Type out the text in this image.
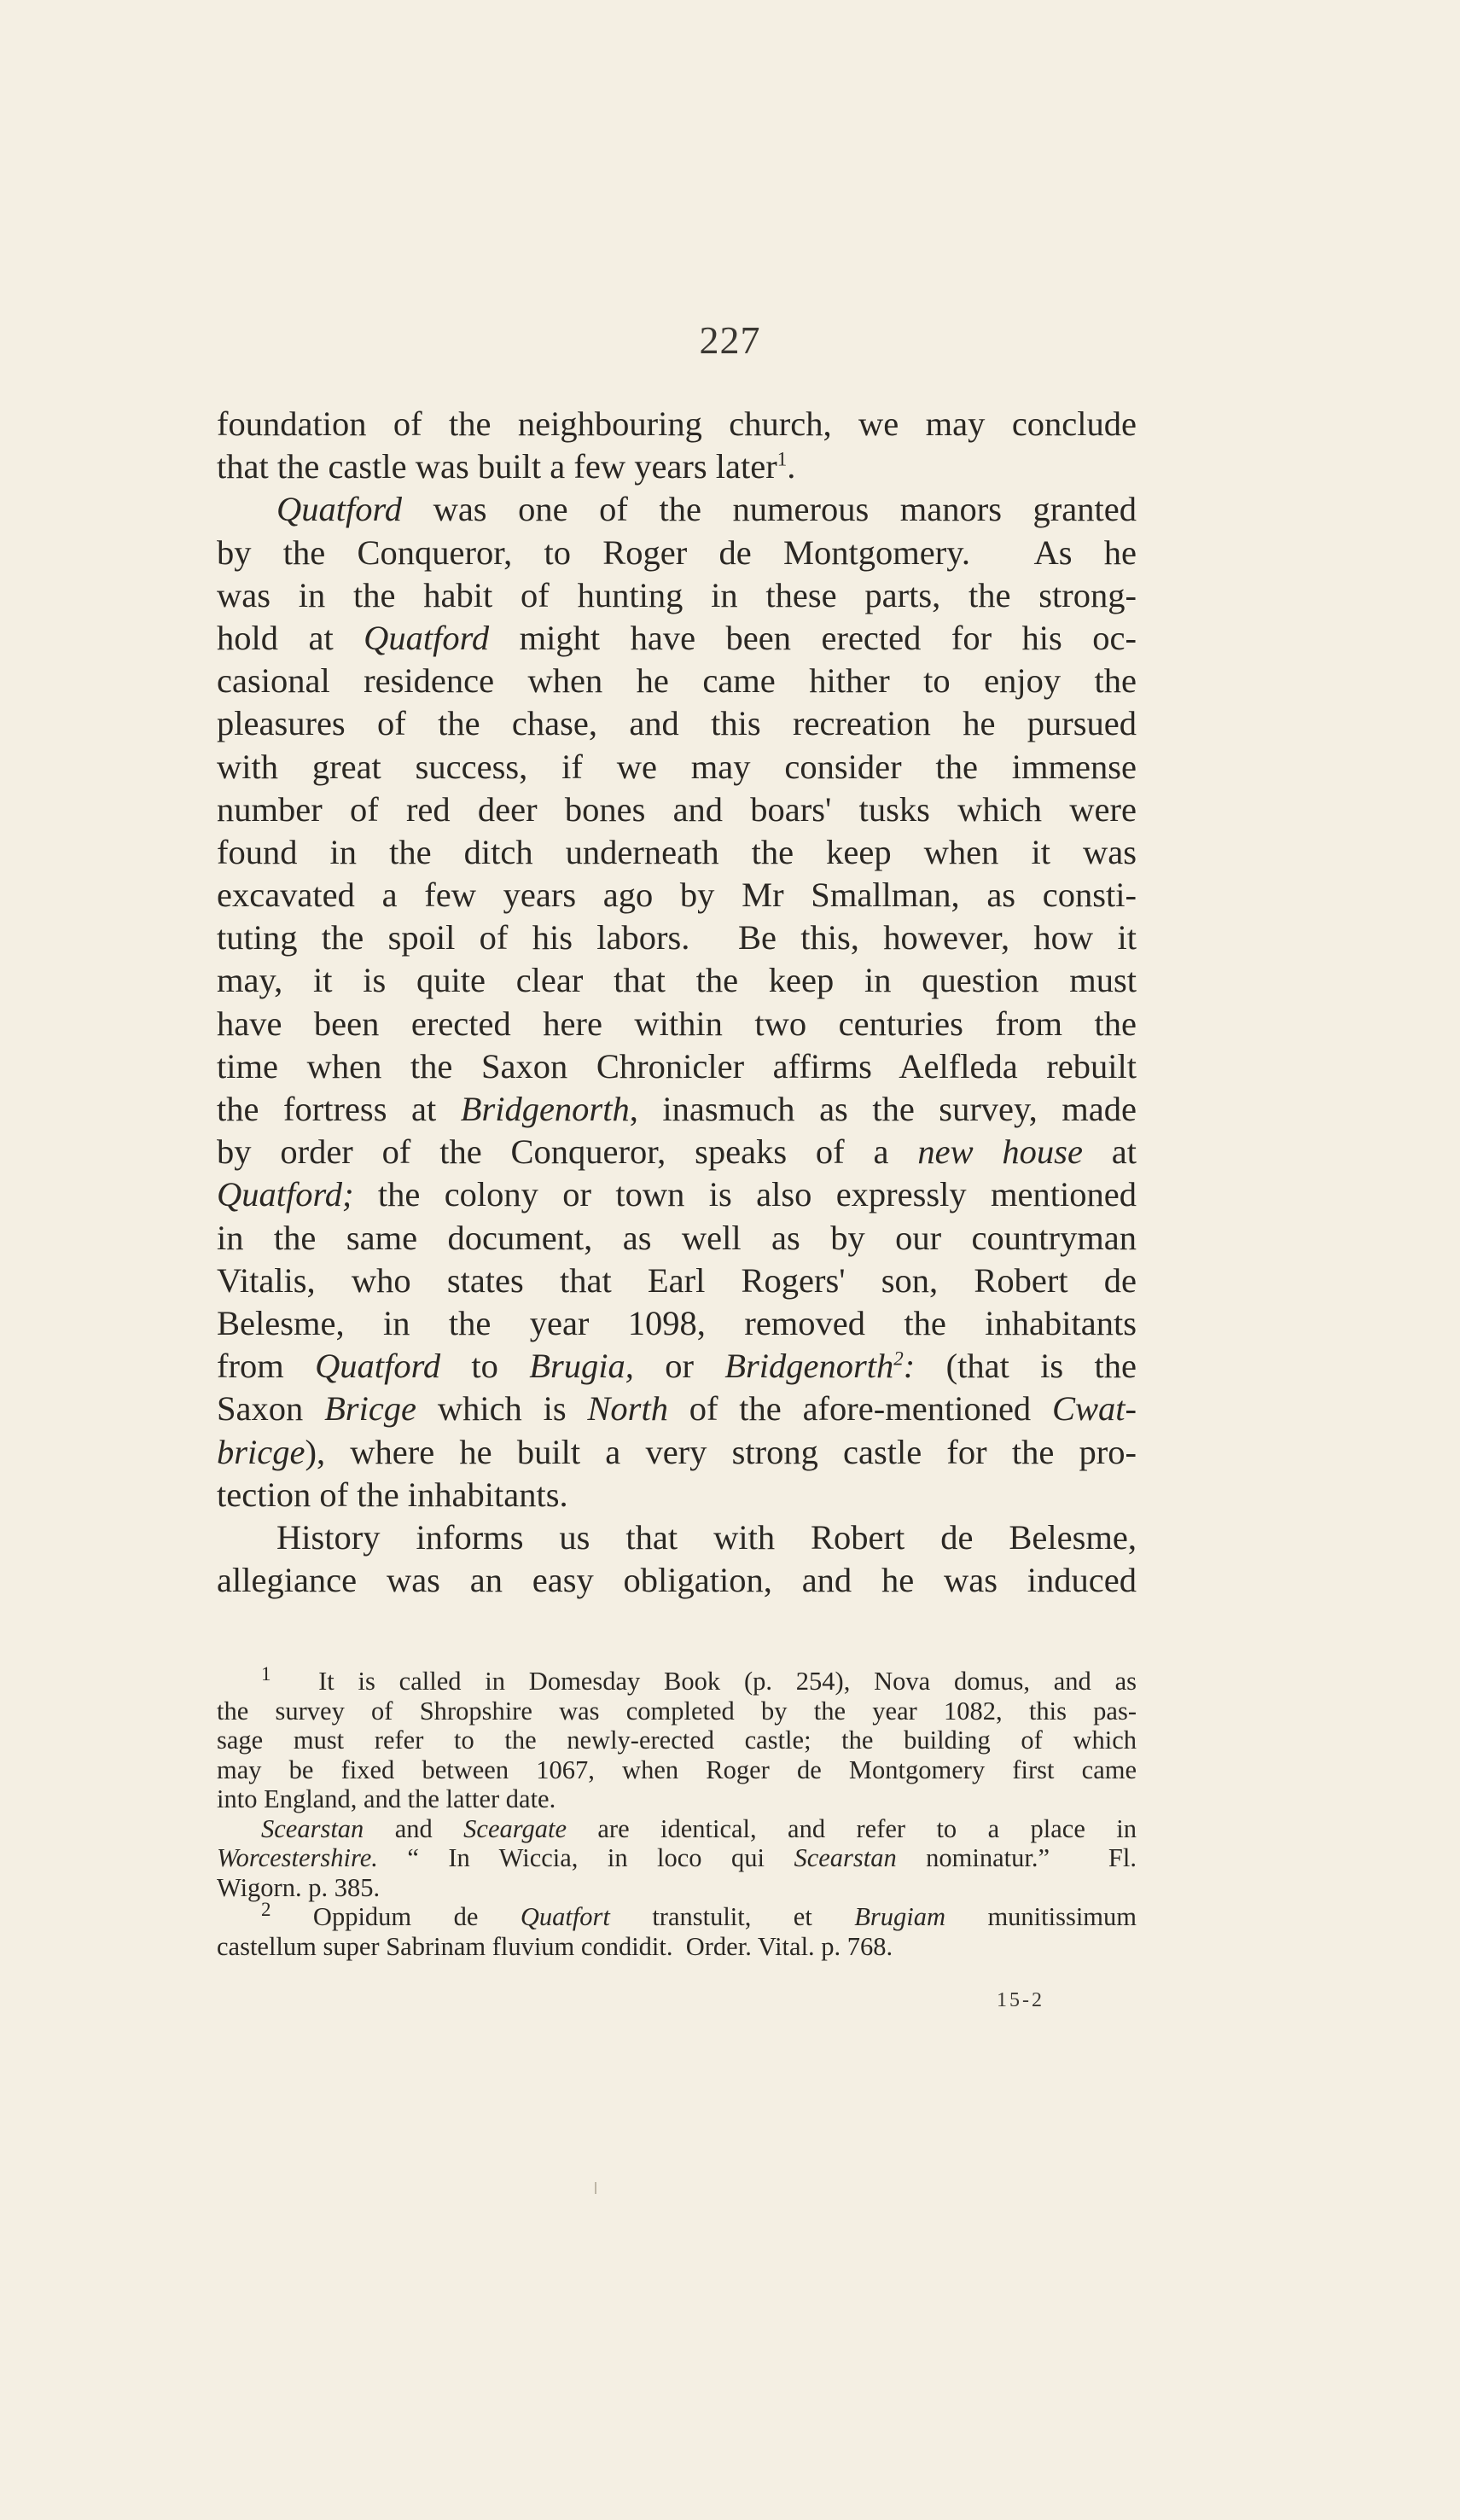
227
foundation of the neighbouring church, we may conclude
that the castle was built a few years later$^1$.
Quatford was one of the numerous manors granted
by the Conqueror, to Roger de Montgomery.  As he
was in the habit of hunting in these parts, the strong-
hold at Quatford might have been erected for his oc-
casional residence when he came hither to enjoy the
pleasures of the chase, and this recreation he pursued
with great success, if we may consider the immense
number of red deer bones and boars' tusks which were
found in the ditch underneath the keep when it was
excavated a few years ago by Mr Smallman, as consti-
tuting the spoil of his labors.  Be this, however, how it
may, it is quite clear that the keep in question must
have been erected here within two centuries from the
time when the Saxon Chronicler affirms Aelfleda rebuilt
the fortress at Bridgenorth, inasmuch as the survey, made
by order of the Conqueror, speaks of a new house at
Quatford; the colony or town is also expressly mentioned
in the same document, as well as by our countryman
Vitalis, who states that Earl Rogers' son, Robert de
Belesme, in the year 1098, removed the inhabitants
from Quatford to Brugia, or Bridgenorth$^2$: (that is the
Saxon Bricge which is North of the afore-mentioned Cwat-
bricge), where he built a very strong castle for the pro-
tection of the inhabitants.
History informs us that with Robert de Belesme,
allegiance was an easy obligation, and he was induced
$^1$  It is called in Domesday Book (p. 254), Nova domus, and as
the survey of Shropshire was completed by the year 1082, this pas-
sage must refer to the newly-erected castle; the building of which
may be fixed between 1067, when Roger de Montgomery first came
into England, and the latter date.
Scearstan and Sceargate are identical, and refer to a place in
Worcestershire. “ In Wiccia, in loco qui Scearstan nominatur.”  Fl.
Wigorn. p. 385.
$^2$ Oppidum de Quatfort transtulit, et Brugiam munitissimum
castellum super Sabrinam fluvium condidit.  Order. Vital. p. 768.
15-2
